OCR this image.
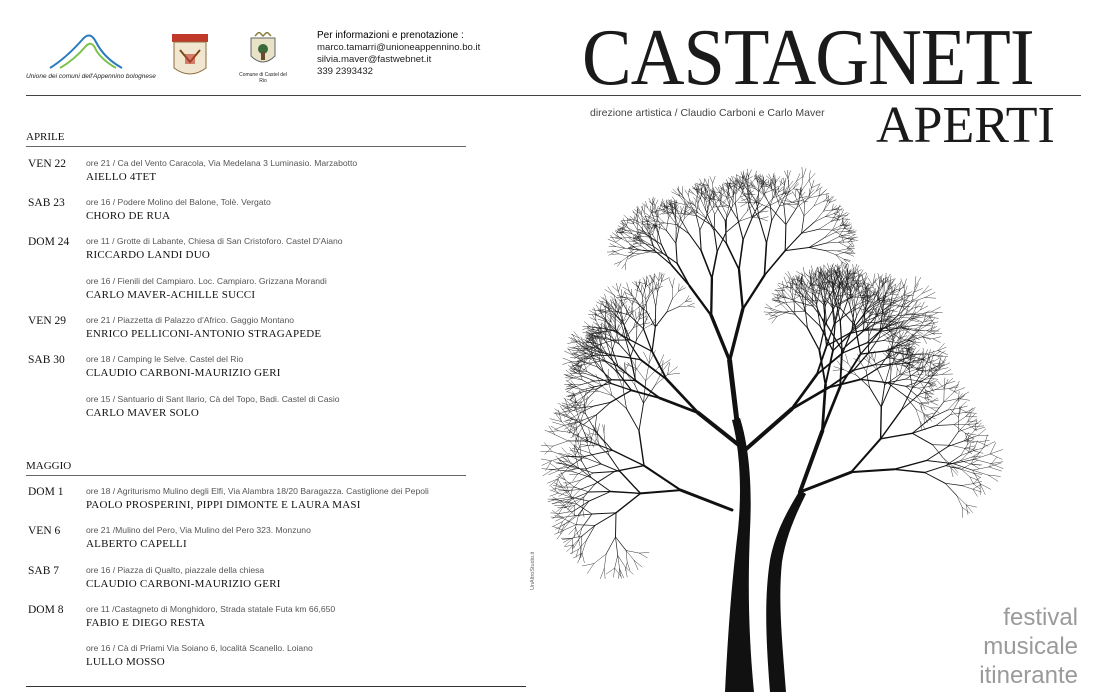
Unione dei comuni dell'Appennino bolognese	Comune di Castel del Rio
Per informazioni e prenotazione :
marco.tamarri@unioneappennino.bo.it
silvia.maver@fastwebnet.it
339 2393432	CASTAGNETI
direzione artistica / Claudio Carboni e Carlo Maver APERTI
APRILE
VEN 22 ore 21 / Ca del Vento Caracola, Via Medelana 3 Luminasio. Marzabotto
AIELLO 4TET
SAB 23 ore 16 / Podere Molino del Balone, Tolè. Vergato
CHORO DE RUA
DOM 24 ore 11 / Grotte di Labante, Chiesa di San Cristoforo. Castel D'Aiano
RICCARDO LANDI DUO
ore 16 / Fienili del Campiaro. Loc. Campiaro. Grizzana Morandi
CARLO MAVER-ACHILLE SUCCI
VEN 29 ore 21 / Piazzetta di Palazzo d'Africo. Gaggio Montano
ENRICO PELLICONI-ANTONIO STRAGAPEDE
SAB 30 ore 18 / Camping le Selve. Castel del Rio
CLAUDIO CARBONI-MAURIZIO GERI
ore 15 / Santuario di Sant Ilario, Cà del Topo, Badi. Castel di Casio
CARLO MAVER SOLO
MAGGIO
DOM 1	ore 18 / Agriturismo Mulino degli Elfi, Via Alambra 18/20 Baragazza. Castiglione dei Pepoli
PAOLO PROSPERINI, PIPPI DIMONTE E LAURA MASI
VEN 6	ore 21 /Mulino del Pero, Via Mulino del Pero 323. Monzuno
ALBERTO CAPELLI
SAB 7	ore 16 / Piazza di Qualto, piazzale della chiesa
CLAUDIO CARBONI-MAURIZIO GERI
DOM 8	ore 11 /Castagneto di Monghidoro, Strada statale Futa km 66,650
FABIO E DIEGO RESTA
ore 16 / Cà di Priami Via Soiano 6, località Scanello. Loiano
LULLO MOSSO
UnAltroStudio.it
festival
musicale
itinerante
